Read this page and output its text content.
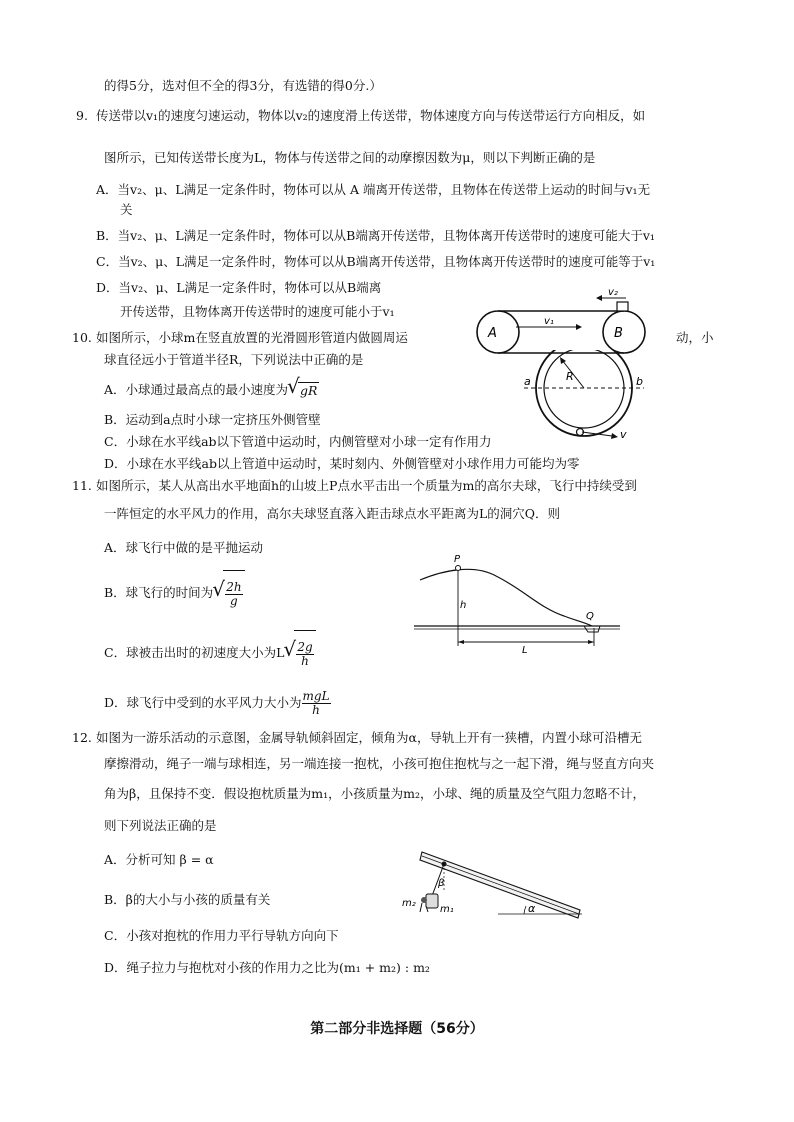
的得5分，选对但不全的得3分，有选错的得0分.）
9. 传送带以v₁的速度匀速运动，物体以v₂的速度滑上传送带，物体速度方向与传送带运行方向相反，如
图所示，已知传送带长度为L，物体与传送带之间的动摩擦因数为μ，则以下判断正确的是
A．当v₂、μ、L满足一定条件时，物体可以从 A 端离开传送带，且物体在传送带上运动的时间与v₁无
关
B．当v₂、μ、L满足一定条件时，物体可以从B端离开传送带，且物体离开传送带时的速度可能大于v₁
C．当v₂、μ、L满足一定条件时，物体可以从B端离开传送带，且物体离开传送带时的速度可能等于v₁
D．当v₂、μ、L满足一定条件时，物体可以从B端离
开传送带，且物体离开传送带时的速度可能小于v₁
A	B
v₁
v₂
10. 如图所示，小球m在竖直放置的光滑圆形管道内做圆周运	动，小
球直径远小于管道半径R，下列说法中正确的是
A．小球通过最高点的最小速度为 √ gR
B．运动到a点时小球一定挤压外侧管壁
C．小球在水平线ab以下管道中运动时，内侧管壁对小球一定有作用力
D．小球在水平线ab以上管道中运动时，某时刻内、外侧管壁对小球作用力可能均为零
R
a	b
v
11. 如图所示，某人从高出水平地面h的山坡上P点水平击出一个质量为m的高尔夫球，飞行中持续受到
一阵恒定的水平风力的作用，高尔夫球竖直落入距击球点水平距离为L的洞穴Q．则
A．球飞行中做的是平抛运动
B．球飞行的时间为 √ $\frac{2h}{g}$
C．球被击出时的初速度大小为L √ $\frac{2g}{h}$
D．球飞行中受到的水平风力大小为 $\frac{\text{mgL}}{h}$
P
h
Q
L
12. 如图为一游乐活动的示意图，金属导轨倾斜固定，倾角为α，导轨上开有一狭槽，内置小球可沿槽无
摩擦滑动，绳子一端与球相连，另一端连接一抱枕，小孩可抱住抱枕与之一起下滑，绳与竖直方向夹
角为β，且保持不变．假设抱枕质量为m₁，小孩质量为m₂，小球、绳的质量及空气阻力忽略不计，
则下列说法正确的是
A．分析可知 β = α
B．β的大小与小孩的质量有关
C．小孩对抱枕的作用力平行导轨方向向下
D．绳子拉力与抱枕对小孩的作用力之比为(m₁ + m₂) : m₂
β
m₁
m₂	α
第二部分非选择题（56分）
